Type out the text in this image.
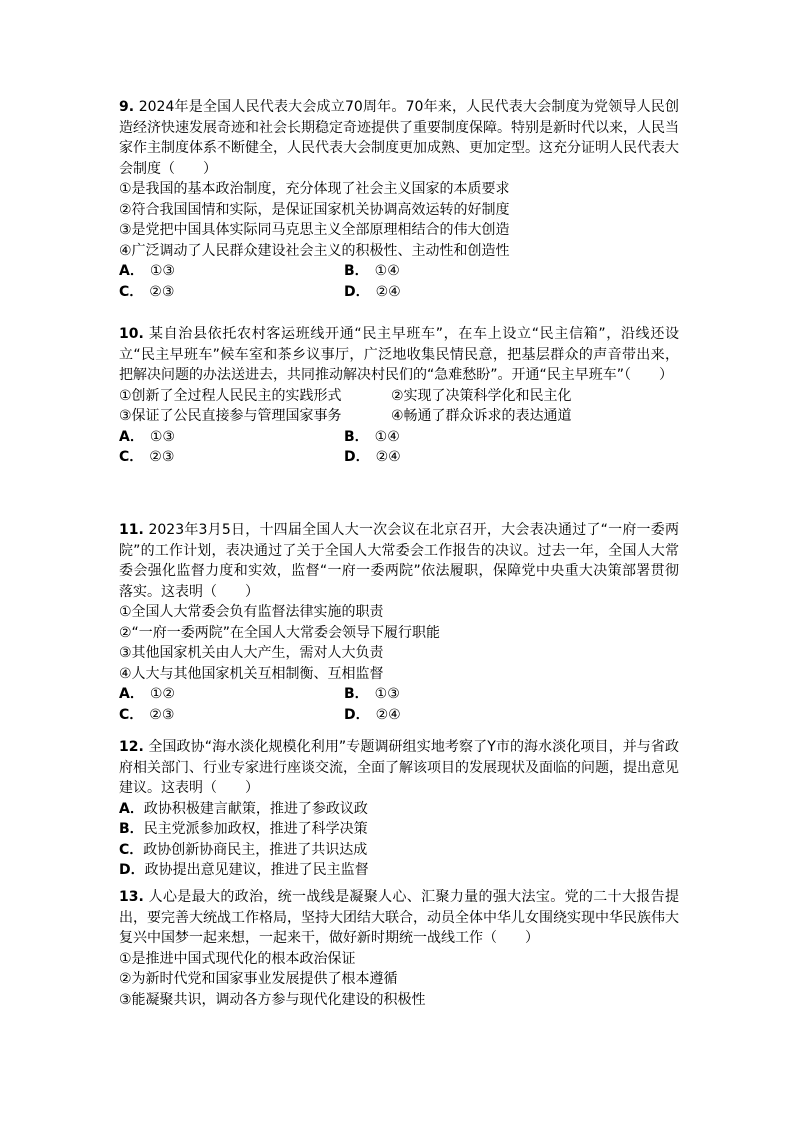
9. 2024年是全国人民代表大会成立70周年。70年来，人民代表大会制度为党领导人民创造经济快速发展奇迹和社会长期稳定奇迹提供了重要制度保障。特别是新时代以来，人民当家作主制度体系不断健全，人民代表大会制度更加成熟、更加定型。这充分证明人民代表大会制度（　　）

①是我国的基本政治制度，充分体现了社会主义国家的本质要求

②符合我国国情和实际，是保证国家机关协调高效运转的好制度

③是党把中国具体实际同马克思主义全部原理相结合的伟大创造

④广泛调动了人民群众建设社会主义的积极性、主动性和创造性

A． ①③	B． ①④
C． ②③	D． ②④

10. 某自治县依托农村客运班线开通“民主早班车”，在车上设立“民主信箱”，沿线还设立“民主早班车”候车室和茶乡议事厅，广泛地收集民情民意，把基层群众的声音带出来，把解决问题的办法送进去，共同推动解决村民们的“急难愁盼”。开通“民主早班车”（　　）

①创新了全过程人民民主的实践形式	②实现了决策科学化和民主化
③保证了公民直接参与管理国家事务	④畅通了群众诉求的表达通道
A． ①③	B． ①④
C． ②③	D． ②④

11. 2023年3月5日，十四届全国人大一次会议在北京召开，大会表决通过了“一府一委两院”的工作计划，表决通过了关于全国人大常委会工作报告的决议。过去一年，全国人大常委会强化监督力度和实效，监督“一府一委两院”依法履职，保障党中央重大决策部署贯彻落实。这表明（　　）

①全国人大常委会负有监督法律实施的职责

②“一府一委两院”在全国人大常委会领导下履行职能

③其他国家机关由人大产生，需对人大负责

④人大与其他国家机关互相制衡、互相监督

A． ①②	B． ①③
C． ②③	D． ②④

12. 全国政协“海水淡化规模化利用”专题调研组实地考察了Y市的海水淡化项目，并与省政府相关部门、行业专家进行座谈交流，全面了解该项目的发展现状及面临的问题，提出意见建议。这表明（　　）

A．政协积极建言献策，推进了参政议政

B．民主党派参加政权，推进了科学决策

C．政协创新协商民主，推进了共识达成

D．政协提出意见建议，推进了民主监督

13. 人心是最大的政治，统一战线是凝聚人心、汇聚力量的强大法宝。党的二十大报告提出，要完善大统战工作格局，坚持大团结大联合，动员全体中华儿女围绕实现中华民族伟大复兴中国梦一起来想，一起来干，做好新时期统一战线工作（　　）

①是推进中国式现代化的根本政治保证

②为新时代党和国家事业发展提供了根本遵循

③能凝聚共识，调动各方参与现代化建设的积极性
